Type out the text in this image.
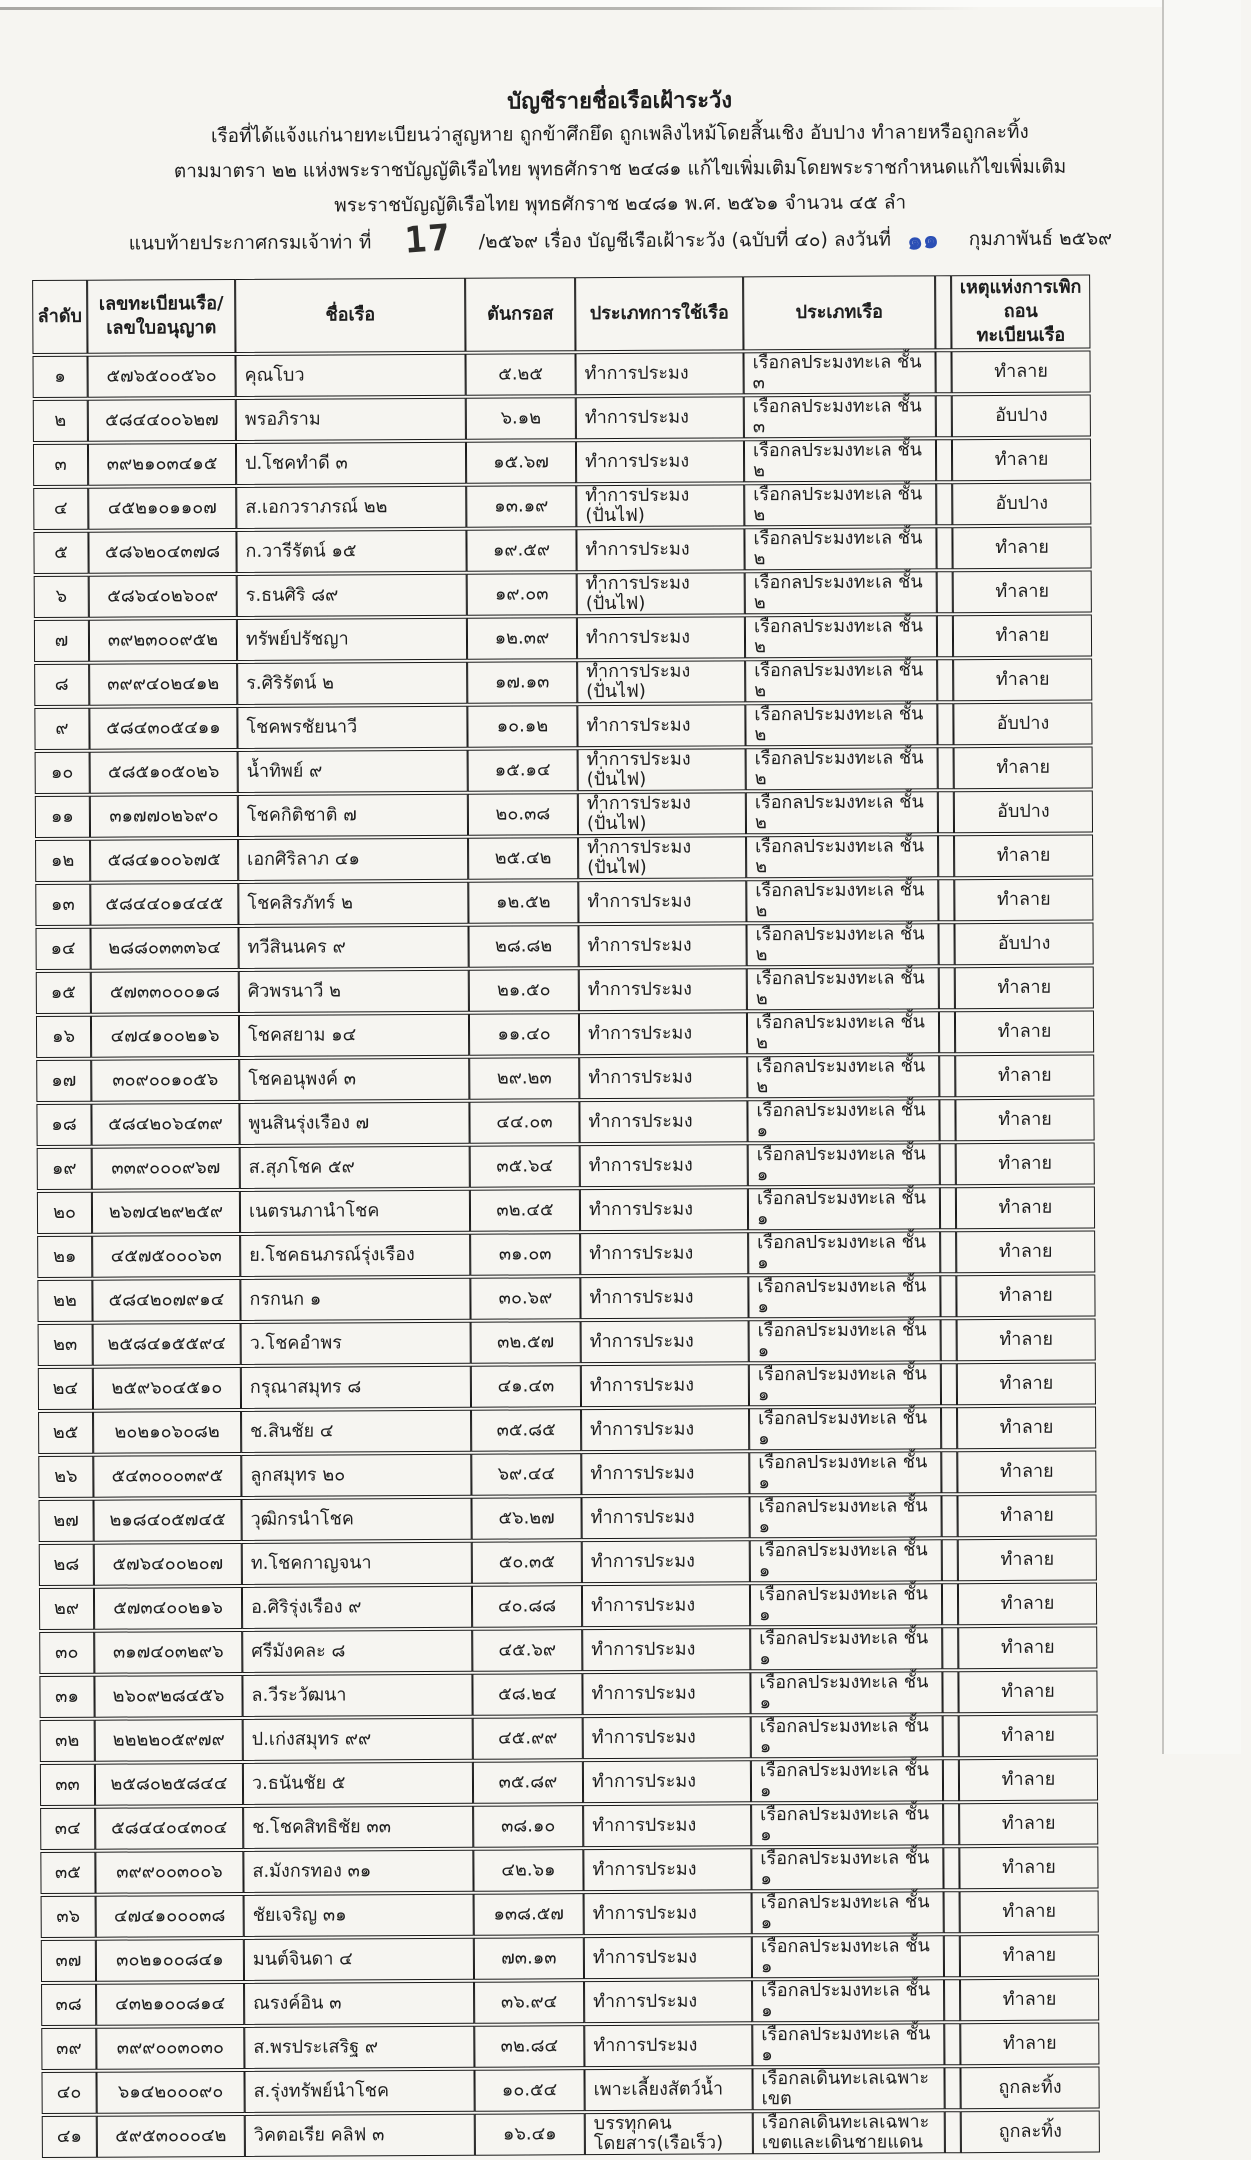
บัญชีรายชื่อเรือเฝ้าระวัง
เรือที่ได้แจ้งแก่นายทะเบียนว่าสูญหาย ถูกข้าศึกยึด ถูกเพลิงไหม้โดยสิ้นเชิง อับปาง ทำลายหรือถูกละทิ้ง
ตามมาตรา ๒๒ แห่งพระราชบัญญัติเรือไทย พุทธศักราช ๒๔๘๑ แก้ไขเพิ่มเติมโดยพระราชกำหนดแก้ไขเพิ่มเติม
พระราชบัญญัติเรือไทย พุทธศักราช ๒๔๘๑ พ.ศ. ๒๕๖๑ จำนวน ๔๕ ลำ
แนบท้ายประกาศกรมเจ้าท่า ที่ 17 /๒๕๖๙ เรื่อง บัญชีเรือเฝ้าระวัง (ฉบับที่ ๔๐) ลงวันที่ ๑๑ กุมภาพันธ์ ๒๕๖๙
ลำดับ	เลขทะเบียนเรือ/
เลขใบอนุญาต	ชื่อเรือ	ตันกรอส	ประเภทการใช้เรือ	ประเภทเรือ		เหตุแห่งการเพิกถอน
ทะเบียนเรือ
๑	๕๗๖๕๐๐๕๖๐	คุณโบว	๕.๒๕	ทำการประมง	เรือกลประมงทะเล ชั้น ๓		ทำลาย
๒	๕๘๔๔๐๐๖๒๗	พรอภิราม	๖.๑๒	ทำการประมง	เรือกลประมงทะเล ชั้น ๓		อับปาง
๓	๓๙๒๑๐๓๔๑๕	ป.โชคทำดี ๓	๑๕.๖๗	ทำการประมง	เรือกลประมงทะเล ชั้น ๒		ทำลาย
๔	๔๕๒๑๐๑๑๐๗	ส.เอกวราภรณ์ ๒๒	๑๓.๑๙	ทำการประมง (ปั่นไฟ)	เรือกลประมงทะเล ชั้น ๒		อับปาง
๕	๕๘๖๒๐๔๓๗๘	ก.วารีรัตน์ ๑๕	๑๙.๕๙	ทำการประมง	เรือกลประมงทะเล ชั้น ๒		ทำลาย
๖	๕๘๖๔๐๒๖๐๙	ร.ธนศิริ ๘๙	๑๙.๐๓	ทำการประมง (ปั่นไฟ)	เรือกลประมงทะเล ชั้น ๒		ทำลาย
๗	๓๙๒๓๐๐๙๕๒	ทรัพย์ปรัชญา	๑๒.๓๙	ทำการประมง	เรือกลประมงทะเล ชั้น ๒		ทำลาย
๘	๓๙๙๔๐๒๔๑๒	ร.ศิริรัตน์ ๒	๑๗.๑๓	ทำการประมง (ปั่นไฟ)	เรือกลประมงทะเล ชั้น ๒		ทำลาย
๙	๕๘๔๓๐๕๔๑๑	โชคพรชัยนาวี	๑๐.๑๒	ทำการประมง	เรือกลประมงทะเล ชั้น ๒		อับปาง
๑๐	๕๘๕๑๐๕๐๒๖	น้ำทิพย์ ๙	๑๕.๑๔	ทำการประมง (ปั่นไฟ)	เรือกลประมงทะเล ชั้น ๒		ทำลาย
๑๑	๓๑๗๗๐๒๖๙๐	โชคกิติชาติ ๗	๒๐.๓๘	ทำการประมง (ปั่นไฟ)	เรือกลประมงทะเล ชั้น ๒		อับปาง
๑๒	๕๘๔๑๐๐๖๗๕	เอกศิริลาภ ๔๑	๒๕.๔๒	ทำการประมง (ปั่นไฟ)	เรือกลประมงทะเล ชั้น ๒		ทำลาย
๑๓	๕๘๔๔๐๑๔๔๕	โชคสิรภัทร์ ๒	๑๒.๕๒	ทำการประมง	เรือกลประมงทะเล ชั้น ๒		ทำลาย
๑๔	๒๘๘๐๓๓๓๖๔	ทวีสินนคร ๙	๒๘.๘๒	ทำการประมง	เรือกลประมงทะเล ชั้น ๒		อับปาง
๑๕	๕๗๓๓๐๐๐๑๘	ศิวพรนาวี ๒	๒๑.๕๐	ทำการประมง	เรือกลประมงทะเล ชั้น ๒		ทำลาย
๑๖	๔๗๔๑๐๐๒๑๖	โชคสยาม ๑๔	๑๑.๔๐	ทำการประมง	เรือกลประมงทะเล ชั้น ๒		ทำลาย
๑๗	๓๐๙๐๐๑๐๕๖	โชคอนุพงค์ ๓	๒๙.๒๓	ทำการประมง	เรือกลประมงทะเล ชั้น ๒		ทำลาย
๑๘	๕๘๔๒๐๖๔๓๙	พูนสินรุ่งเรือง ๗	๔๔.๐๓	ทำการประมง	เรือกลประมงทะเล ชั้น ๑		ทำลาย
๑๙	๓๓๙๐๐๐๙๖๗	ส.สุภโชค ๕๙	๓๕.๖๔	ทำการประมง	เรือกลประมงทะเล ชั้น ๑		ทำลาย
๒๐	๒๖๗๔๒๙๒๕๙	เนตรนภานำโชค	๓๒.๔๕	ทำการประมง	เรือกลประมงทะเล ชั้น ๑		ทำลาย
๒๑	๔๕๗๕๐๐๐๖๓	ย.โชคธนภรณ์รุ่งเรือง	๓๑.๐๓	ทำการประมง	เรือกลประมงทะเล ชั้น ๑		ทำลาย
๒๒	๕๘๔๒๐๗๙๑๔	กรกนก ๑	๓๐.๖๙	ทำการประมง	เรือกลประมงทะเล ชั้น ๑		ทำลาย
๒๓	๒๕๘๔๑๕๕๙๔	ว.โชคอำพร	๓๒.๕๗	ทำการประมง	เรือกลประมงทะเล ชั้น ๑		ทำลาย
๒๔	๒๕๙๖๐๔๕๑๐	กรุณาสมุทร ๘	๔๑.๔๓	ทำการประมง	เรือกลประมงทะเล ชั้น ๑		ทำลาย
๒๕	๒๐๒๑๐๖๐๘๒	ช.สินชัย ๔	๓๕.๘๕	ทำการประมง	เรือกลประมงทะเล ชั้น ๑		ทำลาย
๒๖	๕๔๓๐๐๐๓๙๕	ลูกสมุทร ๒๐	๖๙.๔๔	ทำการประมง	เรือกลประมงทะเล ชั้น ๑		ทำลาย
๒๗	๒๑๘๔๐๕๗๔๕	วุฒิกรนำโชค	๕๖.๒๗	ทำการประมง	เรือกลประมงทะเล ชั้น ๑		ทำลาย
๒๘	๕๗๖๔๐๐๒๐๗	ท.โชคกาญจนา	๕๐.๓๕	ทำการประมง	เรือกลประมงทะเล ชั้น ๑		ทำลาย
๒๙	๕๗๓๔๐๐๒๑๖	อ.ศิริรุ่งเรือง ๙	๔๐.๘๘	ทำการประมง	เรือกลประมงทะเล ชั้น ๑		ทำลาย
๓๐	๓๑๗๔๐๓๒๙๖	ศรีมังคละ ๘	๔๕.๖๙	ทำการประมง	เรือกลประมงทะเล ชั้น ๑		ทำลาย
๓๑	๒๖๐๙๒๘๔๕๖	ล.วีระวัฒนา	๕๘.๒๔	ทำการประมง	เรือกลประมงทะเล ชั้น ๑		ทำลาย
๓๒	๒๒๒๒๐๕๙๗๙	ป.เก่งสมุทร ๙๙	๔๕.๙๙	ทำการประมง	เรือกลประมงทะเล ชั้น ๑		ทำลาย
๓๓	๒๕๘๐๒๕๘๔๔	ว.ธนันชัย ๕	๓๕.๘๙	ทำการประมง	เรือกลประมงทะเล ชั้น ๑		ทำลาย
๓๔	๕๘๔๔๐๔๓๐๔	ช.โชคสิทธิชัย ๓๓	๓๘.๑๐	ทำการประมง	เรือกลประมงทะเล ชั้น ๑		ทำลาย
๓๕	๓๙๙๐๐๓๐๐๖	ส.มังกรทอง ๓๑	๔๒.๖๑	ทำการประมง	เรือกลประมงทะเล ชั้น ๑		ทำลาย
๓๖	๔๗๔๑๐๐๐๓๘	ชัยเจริญ ๓๑	๑๓๘.๕๗	ทำการประมง	เรือกลประมงทะเล ชั้น ๑		ทำลาย
๓๗	๓๐๒๑๐๐๘๔๑	มนต์จินดา ๔	๗๓.๑๓	ทำการประมง	เรือกลประมงทะเล ชั้น ๑		ทำลาย
๓๘	๔๓๒๑๐๐๘๑๔	ณรงค์อิน ๓	๓๖.๙๔	ทำการประมง	เรือกลประมงทะเล ชั้น ๑		ทำลาย
๓๙	๓๙๙๐๐๓๐๓๐	ส.พรประเสริฐ ๙	๓๒.๘๔	ทำการประมง	เรือกลประมงทะเล ชั้น ๑		ทำลาย
๔๐	๖๑๔๒๐๐๐๙๐	ส.รุ่งทรัพย์นำโชค	๑๐.๕๔	เพาะเลี้ยงสัตว์น้ำ	เรือกลเดินทะเลเฉพาะเขต		ถูกละทิ้ง
๔๑	๕๙๕๓๐๐๐๔๒	วิคตอเรีย คลิฟ ๓	๑๖.๔๑	บรรทุกคนโดยสาร(เรือเร็ว)	เรือกลเดินทะเลเฉพาะเขตและเดินชายแดน		ถูกละทิ้ง
